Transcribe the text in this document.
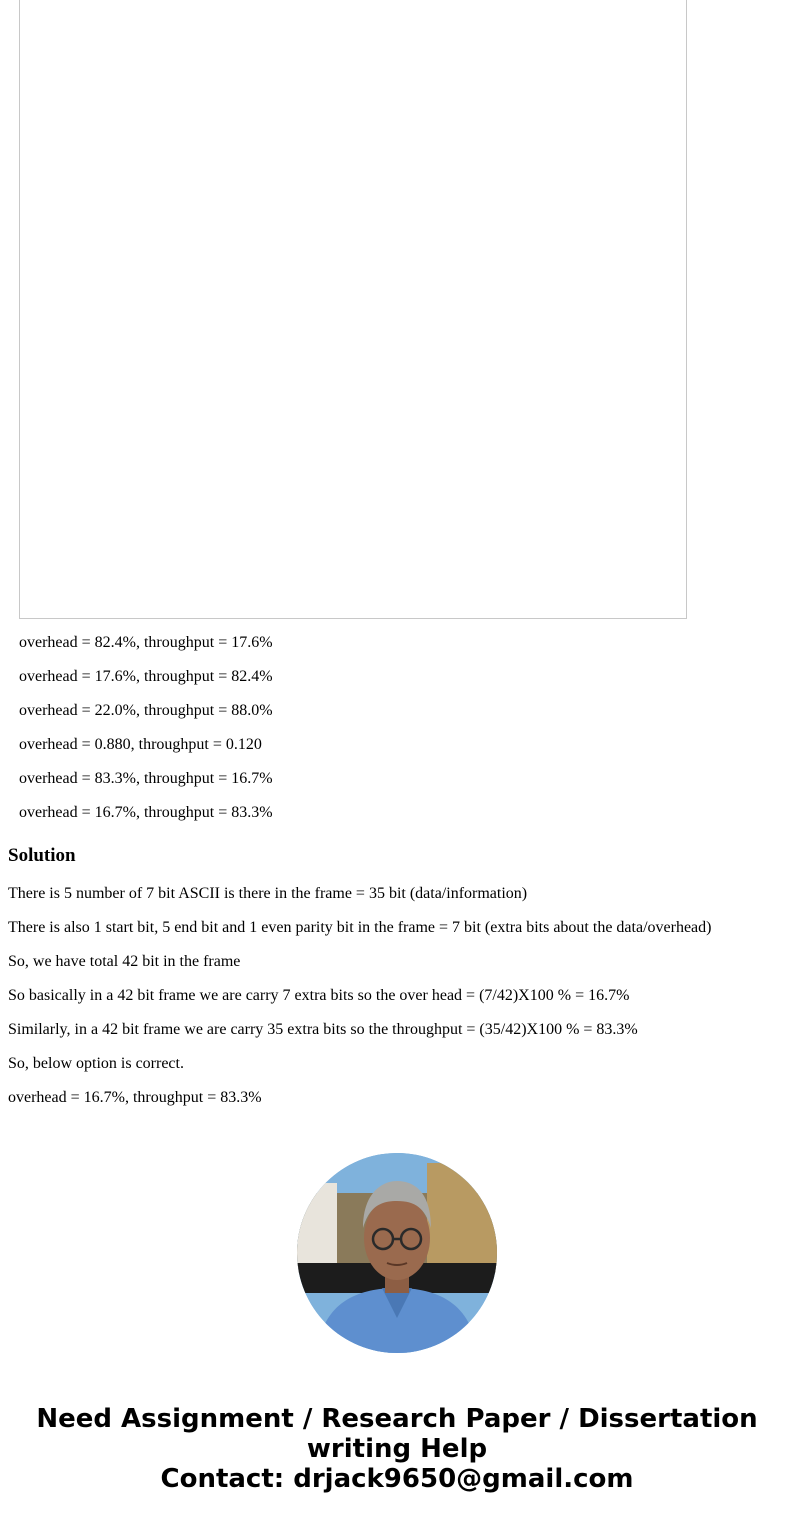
overhead = 82.4%, throughput = 17.6%
overhead = 17.6%, throughput = 82.4%
overhead = 22.0%, throughput = 88.0%
overhead = 0.880, throughput = 0.120
overhead = 83.3%, throughput = 16.7%
overhead = 16.7%, throughput = 83.3%
Solution

There is 5 number of 7 bit ASCII is there in the frame = 35 bit (data/information)

There is also 1 start bit, 5 end bit and 1 even parity bit in the frame = 7 bit (extra bits about the data/overhead)

So, we have total 42 bit in the frame

So basically in a 42 bit frame we are carry 7 extra bits so the over head = (7/42)X100 % = 16.7%

Similarly, in a 42 bit frame we are carry 35 extra bits so the throughput = (35/42)X100 % = 83.3%

So, below option is correct.

overhead = 16.7%, throughput = 83.3%

Need Assignment / Research Paper / Dissertation
writing Help
Contact: drjack9650@gmail.com
